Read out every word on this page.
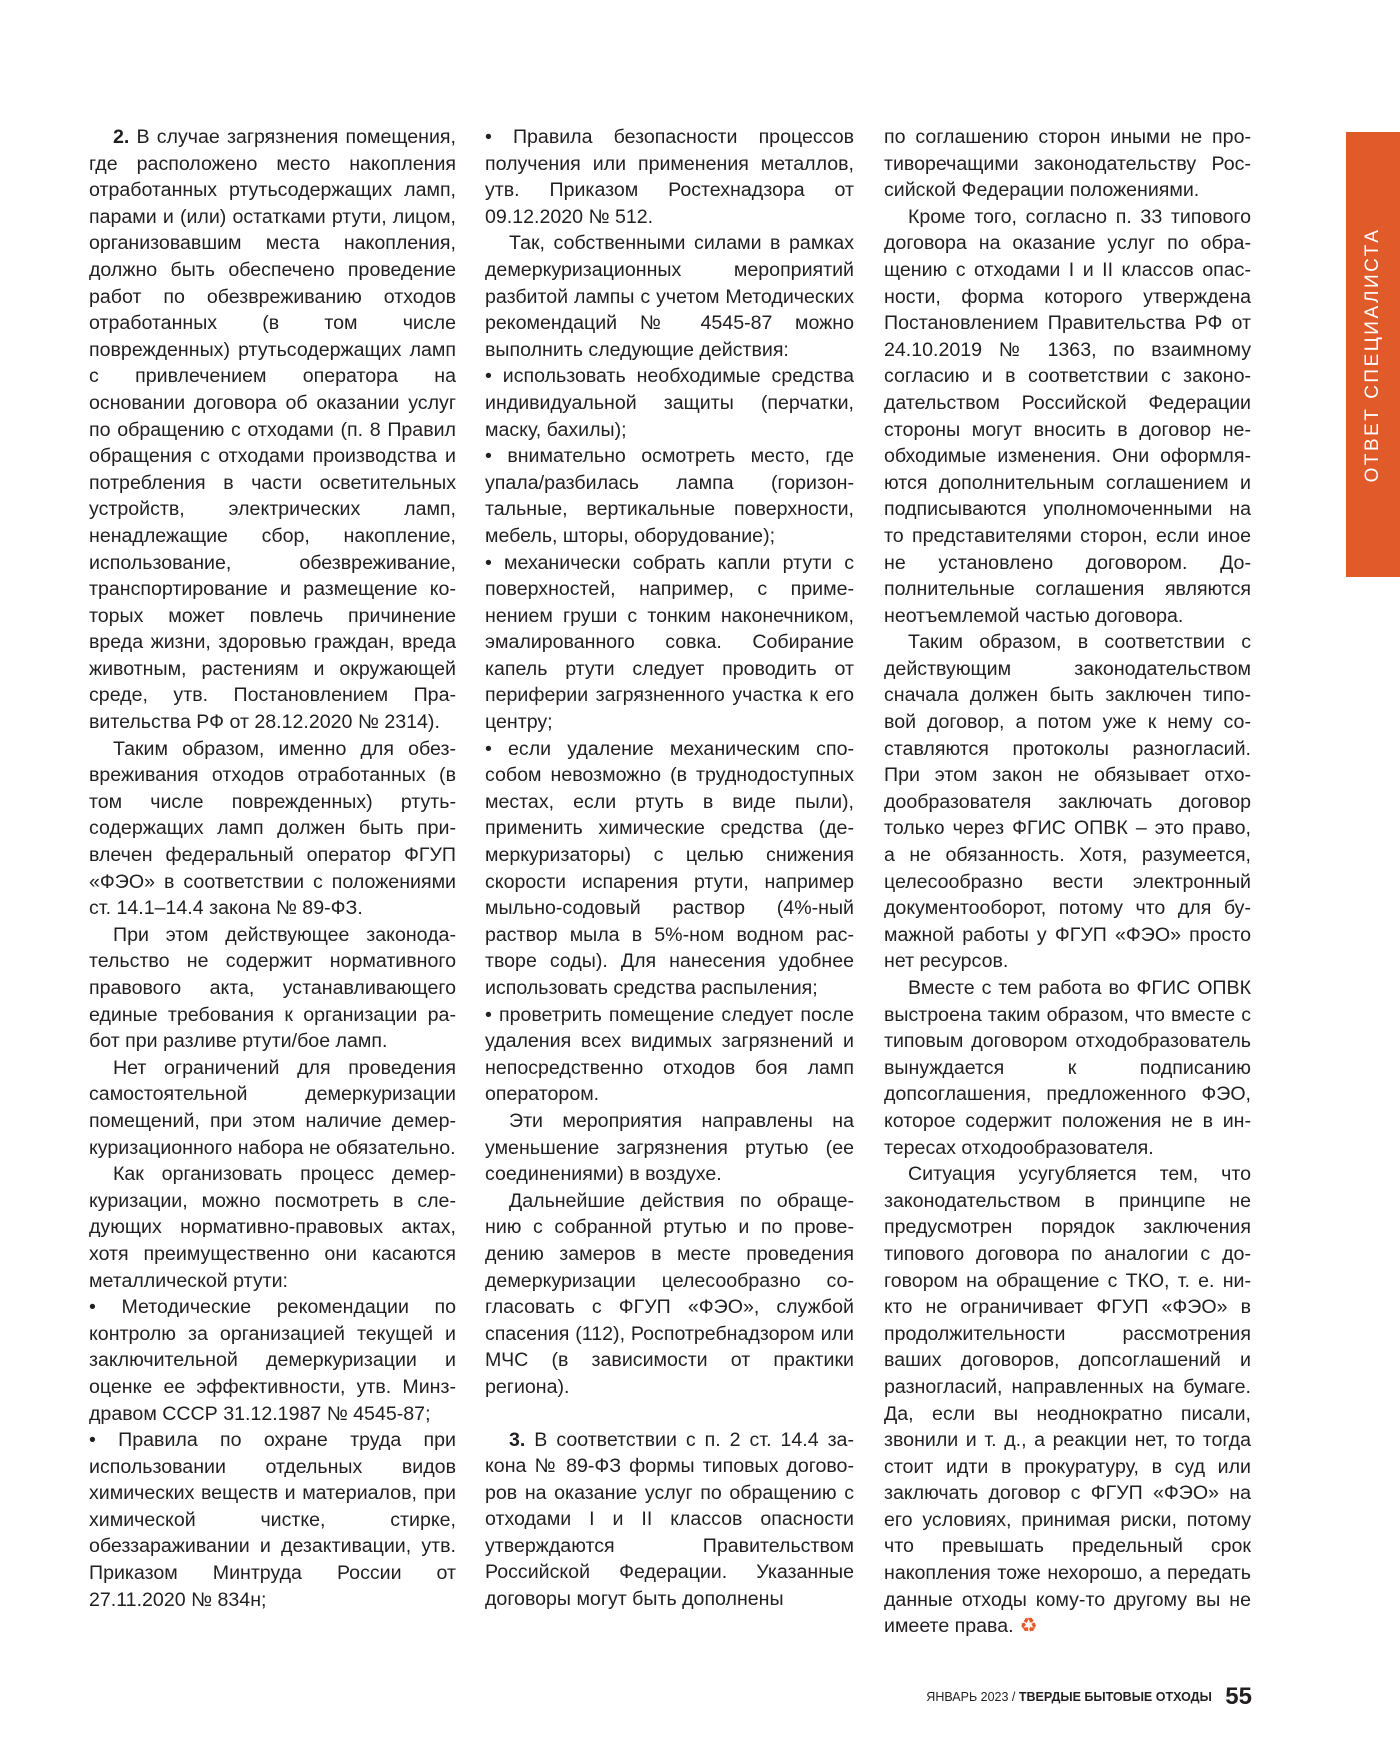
2. В случае загрязнения помещения, где расположено место накопления отработанных ртутьсодержащих ламп, парами и (или) остатками ртути, лицом, организовавшим места накопления, должно быть обеспечено проведение работ по обезвреживанию отходов отработанных (в том числе поврежденных) ртутьсодержащих ламп с привлечением оператора на основании договора об оказании услуг по обращению с отходами (п. 8 Правил обращения с отходами производства и потребления в части осветительных устройств, электрических ламп, ненадлежащие сбор, накопление, использование, обезвреживание, транспортирование и размещение которых может повлечь причинение вреда жизни, здоровью граждан, вреда животным, растениям и окружающей среде, утв. Постановлением Правительства РФ от 28.12.2020 № 2314).

Таким образом, именно для обезвреживания отходов отработанных (в том числе поврежденных) ртутьсодержащих ламп должен быть привлечен федеральный оператор ФГУП «ФЭО» в соответствии с положениями ст. 14.1–14.4 закона № 89-ФЗ.

При этом действующее законодательство не содержит нормативного правового акта, устанавливающего единые требования к организации работ при разливе ртути/бое ламп.

Нет ограничений для проведения самостоятельной демеркуризации помещений, при этом наличие демеркуризационного набора не обязательно.

Как организовать процесс демеркуризации, можно посмотреть в следующих нормативно-правовых актах, хотя преимущественно они касаются металлической ртути:

• Методические рекомендации по контролю за организацией текущей и заключительной демеркуризации и оценке ее эффективности, утв. Минздравом СССР 31.12.1987 № 4545-87;

• Правила по охране труда при использовании отдельных видов химических веществ и материалов, при химической чистке, стирке, обеззараживании и дезактивации, утв. Приказом Минтруда России от 27.11.2020 № 834н;

• Правила безопасности процессов получения или применения металлов, утв. Приказом Ростехнадзора от 09.12.2020 № 512.

Так, собственными силами в рамках демеркуризационных мероприятий разбитой лампы с учетом Методических рекомендаций № 4545-87 можно выполнить следующие действия:

• использовать необходимые средства индивидуальной защиты (перчатки, маску, бахилы);

• внимательно осмотреть место, где упала/разбилась лампа (горизонтальные, вертикальные поверхности, мебель, шторы, оборудование);

• механически собрать капли ртути с поверхностей, например, с применением груши с тонким наконечником, эмалированного совка. Собирание капель ртути следует проводить от периферии загрязненного участка к его центру;

• если удаление механическим способом невозможно (в труднодоступных местах, если ртуть в виде пыли), применить химические средства (демеркуризаторы) с целью снижения скорости испарения ртути, например мыльно-содовый раствор (4%-ный раствор мыла в 5%-ном водном растворе соды). Для нанесения удобнее использовать средства распыления;

• проветрить помещение следует после удаления всех видимых загрязнений и непосредственно отходов боя ламп оператором.

Эти мероприятия направлены на уменьшение загрязнения ртутью (ее соединениями) в воздухе.

Дальнейшие действия по обращению с собранной ртутью и по проведению замеров в месте проведения демеркуризации целесообразно согласовать с ФГУП «ФЭО», службой спасения (112), Роспотребнадзором или МЧС (в зависимости от практики региона).

3. В соответствии с п. 2 ст. 14.4 закона № 89-ФЗ формы типовых договоров на оказание услуг по обращению с отходами I и II классов опасности утверждаются Правительством Российской Федерации. Указанные договоры могут быть дополнены

по соглашению сторон иными не противоречащими законодательству Российской Федерации положениями.

Кроме того, согласно п. 33 типового договора на оказание услуг по обращению с отходами I и II классов опасности, форма которого утверждена Постановлением Правительства РФ от 24.10.2019 № 1363, по взаимному согласию и в соответствии с законодательством Российской Федерации стороны могут вносить в договор необходимые изменения. Они оформляются дополнительным соглашением и подписываются уполномоченными на то представителями сторон, если иное не установлено договором. Дополнительные соглашения являются неотъемлемой частью договора.

Таким образом, в соответствии с действующим законодательством сначала должен быть заключен типовой договор, а потом уже к нему составляются протоколы разногласий. При этом закон не обязывает отходообразователя заключать договор только через ФГИС ОПВК – это право, а не обязанность. Хотя, разумеется, целесообразно вести электронный документооборот, потому что для бумажной работы у ФГУП «ФЭО» просто нет ресурсов.

Вместе с тем работа во ФГИС ОПВК выстроена таким образом, что вместе с типовым договором отходобразователь вынуждается к подписанию допсоглашения, предложенного ФЭО, которое содержит положения не в интересах отходообразователя.

Ситуация усугубляется тем, что законодательством в принципе не предусмотрен порядок заключения типового договора по аналогии с договором на обращение с ТКО, т. е. никто не ограничивает ФГУП «ФЭО» в продолжительности рассмотрения ваших договоров, допсоглашений и разногласий, направленных на бумаге. Да, если вы неоднократно писали, звонили и т. д., а реакции нет, то тогда стоит идти в прокуратуру, в суд или заключать договор с ФГУП «ФЭО» на его условиях, принимая риски, потому что превышать предельный срок накопления тоже нехорошо, а передать данные отходы кому-то другому вы не имеете права. ♻

ОТВЕТ СПЕЦИАЛИСТА
ЯНВАРЬ 2023 / ТВЕРДЫЕ БЫТОВЫЕ ОТХОДЫ 55
